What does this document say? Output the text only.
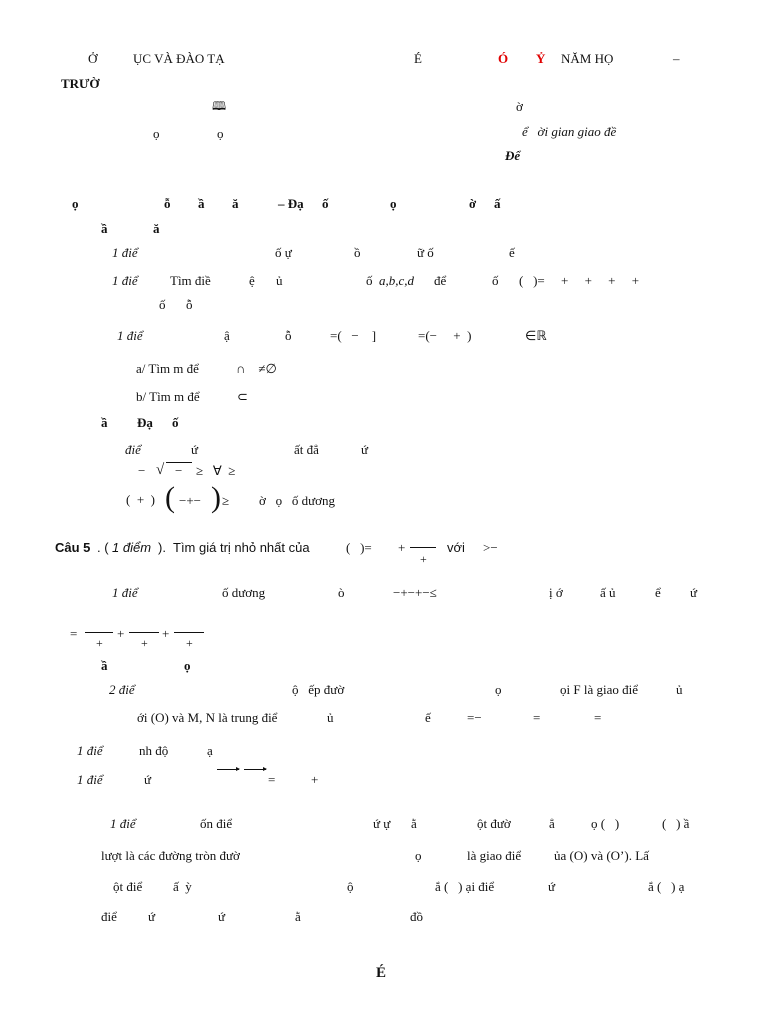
Ở	ỤC VÀ ĐÀO TẠ	É	Ó Ỷ NĂM HỌ	–
TRƯỜ
🕮	ờ
ọ	ọ	ể   ời gian giao đề
Để
ọ	ỗ ầ ă	– Đạ ố	ọ	ờ ấ
ầ	ă
1 điể	ố ự	ồ	ữ ố	ế
1 điể Tìm điề	ệ ủ	ố a,b,c,d để	ố (   )=     +     +     +     +
ố ỗ
1 điể	ậ	ỗ	=(   −    ]	=(−     +  )	∈ℝ
a/ Tìm m để	∩    ≠∅
b/ Tìm m để	⊂
ầ Đạ ố
điể	ứ	ất đẳ	ứ
− √ − ≥   ∀  ≥
(  +  ) ( −+− ) ≥ ờ   ọ   ố dương
Câu 5 . ( 1 điểm ). Tìm giá trị nhỏ nhất của	(   )= +
+
với >−
1 điể	ố dương	ò	−+−+−≤	ị ớ	ấ ủ	ể ứ
=	+	+
+	+	+
ầ	ọ
2 điể	ộ   ếp đườ	ọ	ọi F là giao điể	ủ
ới (O) và M, N là trung điể	ủ	ế	=−	=	=
1 điể	nh độ	ạ
1 điể	ứ	=	+
1 điể	ốn điể	ứ ự ằ	ột đườ	ẳ	ọ (   )	(   ) ầ
lượt là các đường tròn đườ	ọ	là giao điể	ủa (O) và (O’). Lấ
ột điể ấ  ỳ	ộ	ắ (   ) ại điể	ứ	ắ (   ) ạ
điể ứ	ứ	ằ	đồ
É
